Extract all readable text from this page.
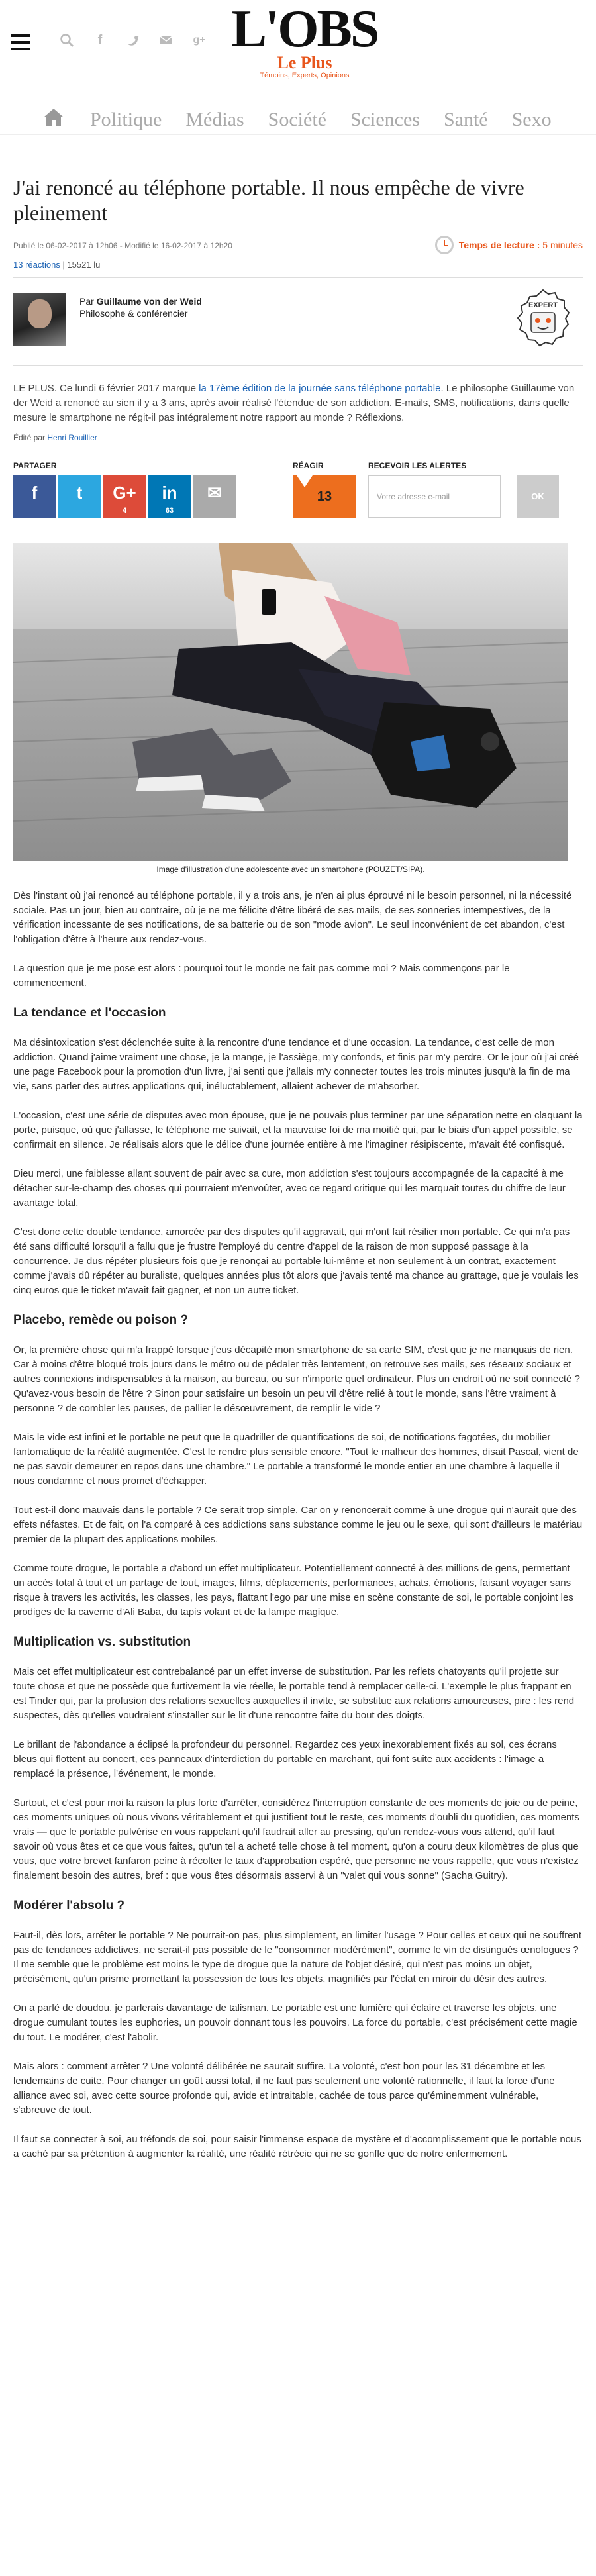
f	g+ L'OBS
Le Plus
Témoins, Experts, Opinions
Politique Médias Société Sciences Santé Sexo
J'ai renoncé au téléphone portable. Il nous empêche de vivre pleinement
Publié le 06-02-2017 à 12h06 - Modifié le 16-02-2017 à 12h20	Temps de lecture : 5 minutes
13 réactions | 15521 lu
Par Guillaume von der Weid
Philosophe & conférencier
EXPERT
LE PLUS. Ce lundi 6 février 2017 marque la 17ème édition de la journée sans téléphone portable. Le philosophe Guillaume von der Weid a renoncé au sien il y a 3 ans, après avoir réalisé l'étendue de son addiction. E-mails, SMS, notifications, dans quelle mesure le smartphone ne régit-il pas intégralement notre rapport au monde ? Réflexions.
Édité par Henri Rouillier
PARTAGER
f	t	G+
4
in
63
✉
RÉAGIR
13
RECEVOIR LES ALERTES
Votre adresse e-mail	OK
Image d'illustration d'une adolescente avec un smartphone (POUZET/SIPA).

Dès l'instant où j'ai renoncé au téléphone portable, il y a trois ans, je n'en ai plus éprouvé ni le besoin personnel, ni la nécessité sociale. Pas un jour, bien au contraire, où je ne me félicite d'être libéré de ses mails, de ses sonneries intempestives, de la vérification incessante de ses notifications, de sa batterie ou de son "mode avion". Le seul inconvénient de cet abandon, c'est l'obligation d'être à l'heure aux rendez-vous.

La question que je me pose est alors : pourquoi tout le monde ne fait pas comme moi ? Mais commençons par le commencement.

La tendance et l'occasion

Ma désintoxication s'est déclenchée suite à la rencontre d'une tendance et d'une occasion. La tendance, c'est celle de mon addiction. Quand j'aime vraiment une chose, je la mange, je l'assiège, m'y confonds, et finis par m'y perdre. Or le jour où j'ai créé une page Facebook pour la promotion d'un livre, j'ai senti que j'allais m'y connecter toutes les trois minutes jusqu'à la fin de ma vie, sans parler des autres applications qui, inéluctablement, allaient achever de m'absorber.

L'occasion, c'est une série de disputes avec mon épouse, que je ne pouvais plus terminer par une séparation nette en claquant la porte, puisque, où que j'allasse, le téléphone me suivait, et la mauvaise foi de ma moitié qui, par le biais d'un appel possible, se confirmait en silence. Je réalisais alors que le délice d'une journée entière à me l'imaginer résipiscente, m'avait été confisqué.

Dieu merci, une faiblesse allant souvent de pair avec sa cure, mon addiction s'est toujours accompagnée de la capacité à me détacher sur-le-champ des choses qui pourraient m'envoûter, avec ce regard critique qui les marquait toutes du chiffre de leur avantage total.

C'est donc cette double tendance, amorcée par des disputes qu'il aggravait, qui m'ont fait résilier mon portable. Ce qui m'a pas été sans difficulté lorsqu'il a fallu que je frustre l'employé du centre d'appel de la raison de mon supposé passage à la concurrence. Je dus répéter plusieurs fois que je renonçai au portable lui-même et non seulement à un contrat, exactement comme j'avais dû répéter au buraliste, quelques années plus tôt alors que j'avais tenté ma chance au grattage, que je voulais les cinq euros que le ticket m'avait fait gagner, et non un autre ticket.

Placebo, remède ou poison ?

Or, la première chose qui m'a frappé lorsque j'eus décapité mon smartphone de sa carte SIM, c'est que je ne manquais de rien. Car à moins d'être bloqué trois jours dans le métro ou de pédaler très lentement, on retrouve ses mails, ses réseaux sociaux et autres connexions indispensables à la maison, au bureau, ou sur n'importe quel ordinateur. Plus un endroit où ne soit connecté ? Qu'avez-vous besoin de l'être ? Sinon pour satisfaire un besoin un peu vil d'être relié à tout le monde, sans l'être vraiment à personne ? de combler les pauses, de pallier le désœuvrement, de remplir le vide ?

Mais le vide est infini et le portable ne peut que le quadriller de quantifications de soi, de notifications fagotées, du mobilier fantomatique de la réalité augmentée. C'est le rendre plus sensible encore. "Tout le malheur des hommes, disait Pascal, vient de ne pas savoir demeurer en repos dans une chambre." Le portable a transformé le monde entier en une chambre à laquelle il nous condamne et nous promet d'échapper.

Tout est-il donc mauvais dans le portable ? Ce serait trop simple. Car on y renoncerait comme à une drogue qui n'aurait que des effets néfastes. Et de fait, on l'a comparé à ces addictions sans substance comme le jeu ou le sexe, qui sont d'ailleurs le matériau premier de la plupart des applications mobiles.

Comme toute drogue, le portable a d'abord un effet multiplicateur. Potentiellement connecté à des millions de gens, permettant un accès total à tout et un partage de tout, images, films, déplacements, performances, achats, émotions, faisant voyager sans risque à travers les activités, les classes, les pays, flattant l'ego par une mise en scène constante de soi, le portable conjoint les prodiges de la caverne d'Ali Baba, du tapis volant et de la lampe magique.

Multiplication vs. substitution

Mais cet effet multiplicateur est contrebalancé par un effet inverse de substitution. Par les reflets chatoyants qu'il projette sur toute chose et que ne possède que furtivement la vie réelle, le portable tend à remplacer celle-ci. L'exemple le plus frappant en est Tinder qui, par la profusion des relations sexuelles auxquelles il invite, se substitue aux relations amoureuses, pire : les rend suspectes, dès qu'elles voudraient s'installer sur le lit d'une rencontre faite du bout des doigts.

Le brillant de l'abondance a éclipsé la profondeur du personnel. Regardez ces yeux inexorablement fixés au sol, ces écrans bleus qui flottent au concert, ces panneaux d'interdiction du portable en marchant, qui font suite aux accidents : l'image a remplacé la présence, l'événement, le monde.

Surtout, et c'est pour moi la raison la plus forte d'arrêter, considérez l'interruption constante de ces moments de joie ou de peine, ces moments uniques où nous vivons véritablement et qui justifient tout le reste, ces moments d'oubli du quotidien, ces moments vrais — que le portable pulvérise en vous rappelant qu'il faudrait aller au pressing, qu'un rendez-vous vous attend, qu'il faut savoir où vous êtes et ce que vous faites, qu'un tel a acheté telle chose à tel moment, qu'on a couru deux kilomètres de plus que vous, que votre brevet fanfaron peine à récolter le taux d'approbation espéré, que personne ne vous rappelle, que vous n'existez finalement besoin des autres, bref : que vous êtes désormais asservi à un "valet qui vous sonne" (Sacha Guitry).

Modérer l'absolu ?

Faut-il, dès lors, arrêter le portable ? Ne pourrait-on pas, plus simplement, en limiter l'usage ? Pour celles et ceux qui ne souffrent pas de tendances addictives, ne serait-il pas possible de le "consommer modérément", comme le vin de distingués œnologues ? Il me semble que le problème est moins le type de drogue que la nature de l'objet désiré, qui n'est pas moins un objet, précisément, qu'un prisme promettant la possession de tous les objets, magnifiés par l'éclat en miroir du désir des autres.

On a parlé de doudou, je parlerais davantage de talisman. Le portable est une lumière qui éclaire et traverse les objets, une drogue cumulant toutes les euphories, un pouvoir donnant tous les pouvoirs. La force du portable, c'est précisément cette magie du tout. Le modérer, c'est l'abolir.

Mais alors : comment arrêter ? Une volonté délibérée ne saurait suffire. La volonté, c'est bon pour les 31 décembre et les lendemains de cuite. Pour changer un goût aussi total, il ne faut pas seulement une volonté rationnelle, il faut la force d'une alliance avec soi, avec cette source profonde qui, avide et intraitable, cachée de tous parce qu'éminemment vulnérable, s'abreuve de tout.

Il faut se connecter à soi, au tréfonds de soi, pour saisir l'immense espace de mystère et d'accomplissement que le portable nous a caché par sa prétention à augmenter la réalité, une réalité rétrécie qui ne se gonfle que de notre enfermement.
